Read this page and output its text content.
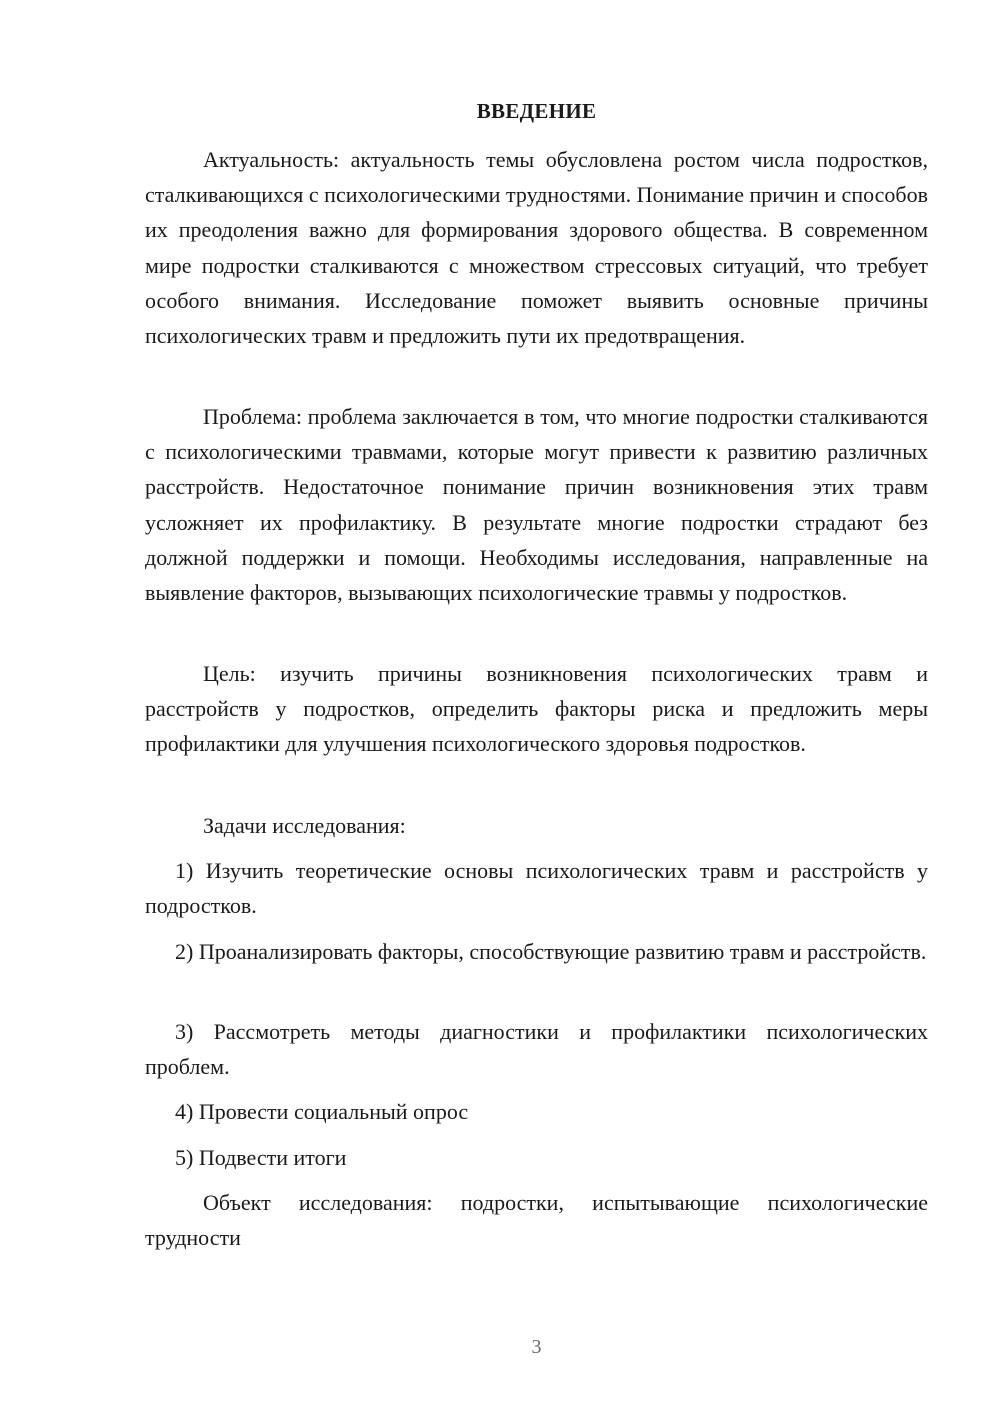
ВВЕДЕНИЕ

Актуальность: актуальность темы обусловлена ростом числа подростков, сталкивающихся с психологическими трудностями. Понимание причин и способов их преодоления важно для формирования здорового общества. В современном мире подростки сталкиваются с множеством стрессовых ситуаций, что требует особого внимания. Исследование поможет выявить основные причины психологических травм и предложить пути их предотвращения.

Проблема: проблема заключается в том, что многие подростки сталкиваются с психологическими травмами, которые могут привести к развитию различных расстройств. Недостаточное понимание причин возникновения этих травм усложняет их профилактику. В результате многие подростки страдают без должной поддержки и помощи. Необходимы исследования, направленные на выявление факторов, вызывающих психологические травмы у подростков.

Цель: изучить причины возникновения психологических травм и расстройств у подростков, определить факторы риска и предложить меры профилактики для улучшения психологического здоровья подростков.

Задачи исследования:

1) Изучить теоретические основы психологических травм и расстройств у подростков.

2) Проанализировать факторы, способствующие развитию травм и расстройств.

3) Рассмотреть методы диагностики и профилактики психологических проблем.

4) Провести социальный опрос

5) Подвести итоги

Объект исследования: подростки, испытывающие психологические трудности

3
